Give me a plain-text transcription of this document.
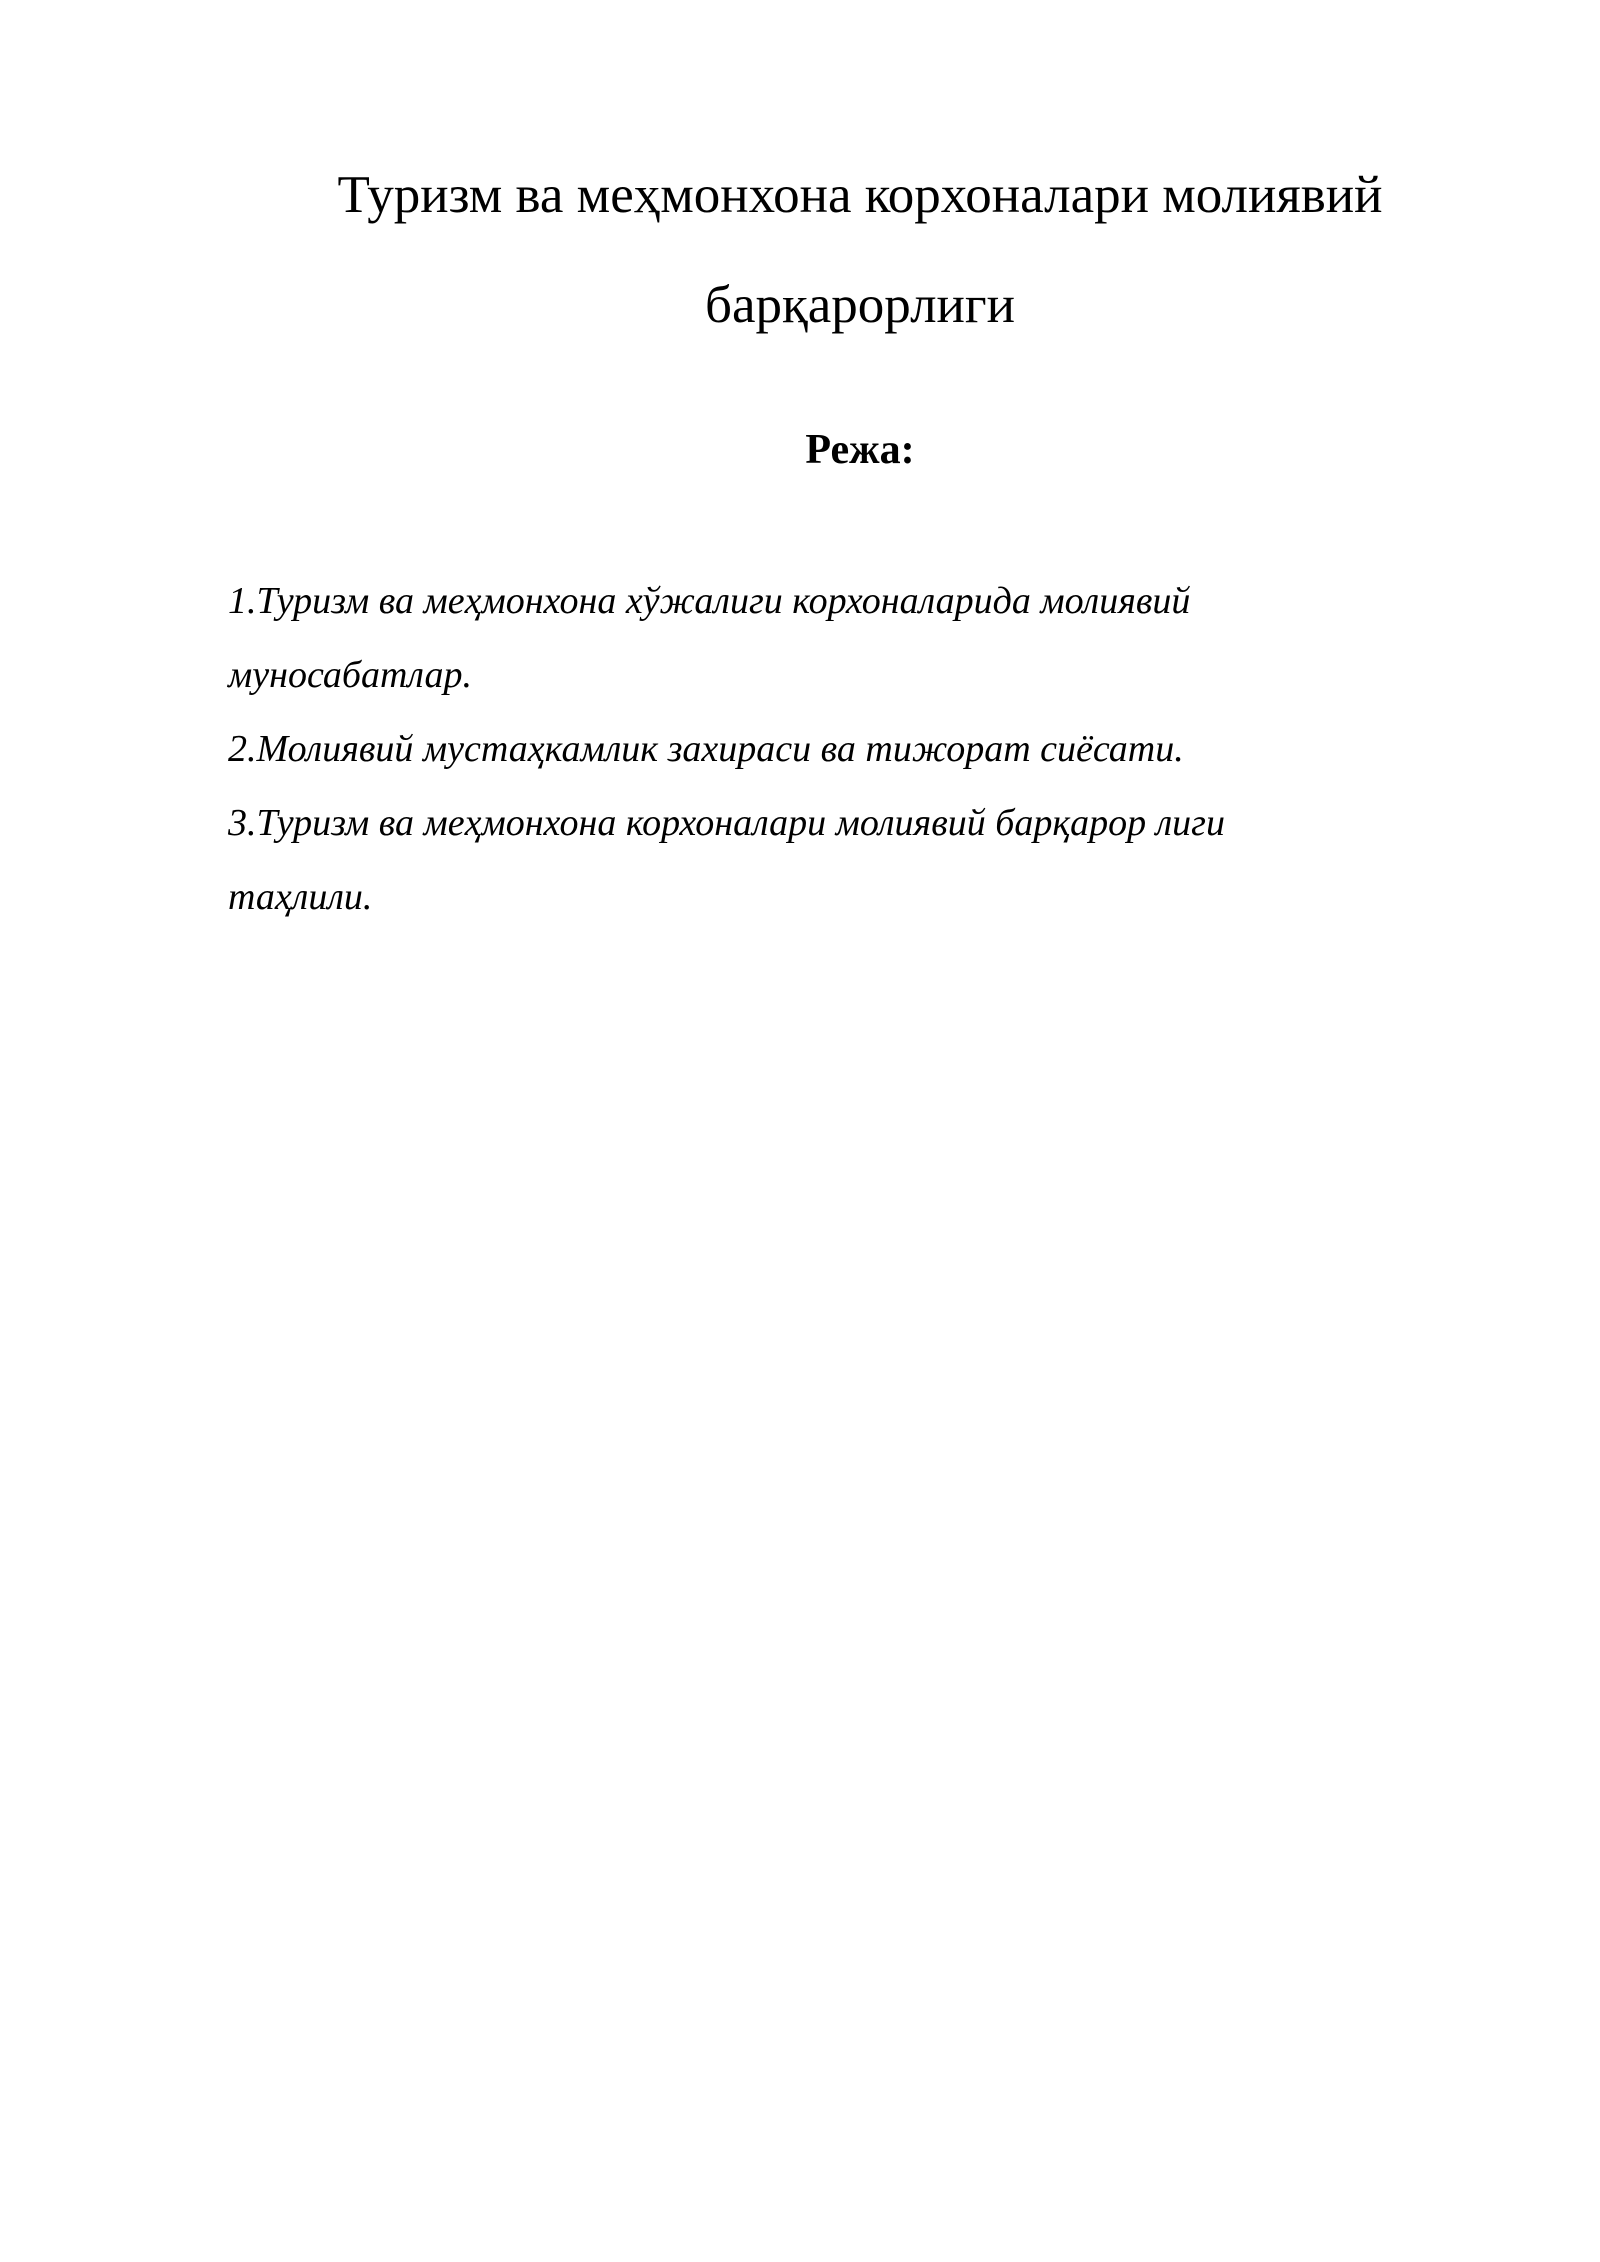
Туризм ва меҳмонхона корхоналари молиявий
барқарорлиги
Режа:
1.Туризм ва меҳмонхона хўжалиги корхоналарида молиявий
муносабатлар.
2.Молиявий мустаҳкамлик захираси ва тижорат сиёсати.
3.Туризм ва меҳмонхона корхоналари молиявий барқарор лиги
таҳлили.
